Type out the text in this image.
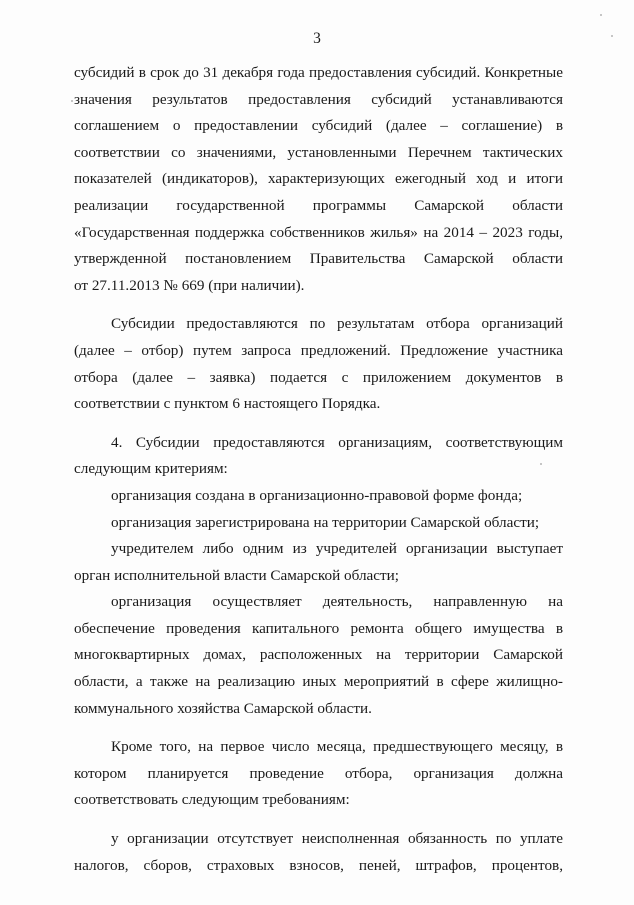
3

субсидий в срок до 31 декабря года предоставления субсидий. Конкретные
значения результатов предоставления субсидий устанавливаются
соглашением о предоставлении субсидий (далее – соглашение) в
соответствии со значениями, установленными Перечнем тактических
показателей (индикаторов), характеризующих ежегодный ход и итоги
реализации государственной программы Самарской области
«Государственная поддержка собственников жилья» на 2014 – 2023 годы,
утвержденной постановлением Правительства Самарской области
от 27.11.2013 № 669 (при наличии).

Субсидии предоставляются по результатам отбора организаций
(далее – отбор) путем запроса предложений. Предложение участника
отбора (далее – заявка) подается с приложением документов в
соответствии с пунктом 6 настоящего Порядка.

4. Субсидии предоставляются организациям, соответствующим
следующим критериям:

организация создана в организационно-правовой форме фонда;

организация зарегистрирована на территории Самарской области;

учредителем либо одним из учредителей организации выступает
орган исполнительной власти Самарской области;

организация осуществляет деятельность, направленную на
обеспечение проведения капитального ремонта общего имущества в
многоквартирных домах, расположенных на территории Самарской
области, а также на реализацию иных мероприятий в сфере жилищно-
коммунального хозяйства Самарской области.

Кроме того, на первое число месяца, предшествующего месяцу, в
котором планируется проведение отбора, организация должна
соответствовать следующим требованиям:

у организации отсутствует неисполненная обязанность по уплате
налогов, сборов, страховых взносов, пеней, штрафов, процентов,
